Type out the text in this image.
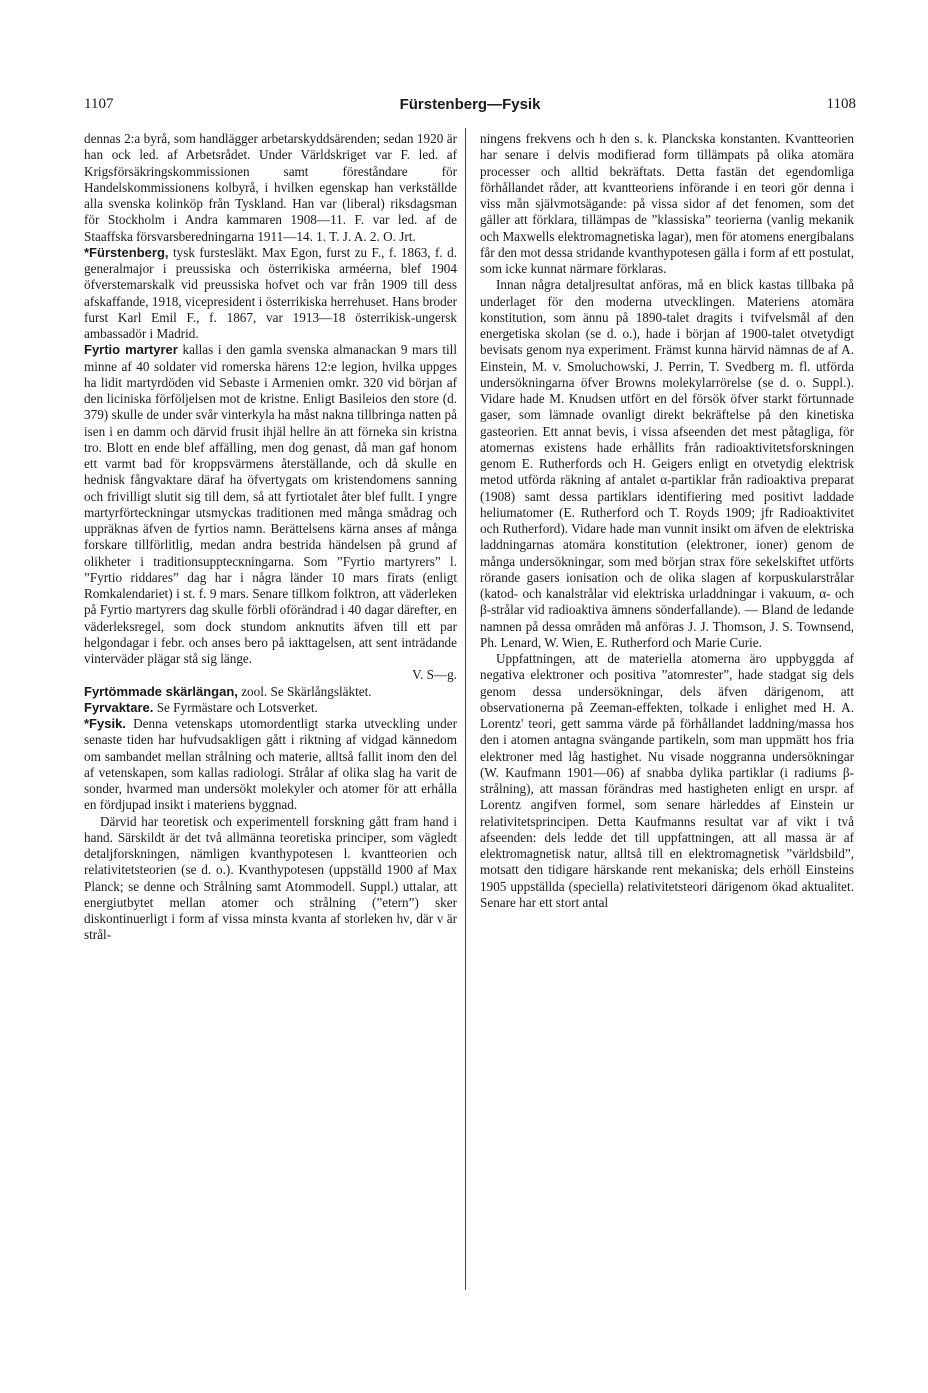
1107	Fürstenberg—Fysik	1108

dennas 2:a byrå, som handlägger arbetarskyddsärenden; sedan 1920 är han ock led. af Arbetsrådet. Under Världskriget var F. led. af Krigsförsäkringskommissionen samt föreståndare för Handelskommissionens kolbyrå, i hvilken egenskap han verkställde alla svenska kolinköp från Tyskland. Han var (liberal) riksdagsman för Stockholm i Andra kammaren 1908—11. F. var led. af de Staaffska försvarsberedningarna 1911—14. 1. T. J. A. 2. O. Jrt.

*Fürstenberg, tysk furstesläkt. Max Egon, furst zu F., f. 1863, f. d. generalmajor i preussiska och österrikiska arméerna, blef 1904 öfverstemarskalk vid preussiska hofvet och var från 1909 till dess afskaffande, 1918, vicepresident i österrikiska herrehuset. Hans broder furst Karl Emil F., f. 1867, var 1913—18 österrikisk-ungersk ambassadör i Madrid.

Fyrtio martyrer kallas i den gamla svenska almanackan 9 mars till minne af 40 soldater vid romerska härens 12:e legion, hvilka uppges ha lidit martyrdöden vid Sebaste i Armenien omkr. 320 vid början af den liciniska förföljelsen mot de kristne. Enligt Basileios den store (d. 379) skulle de under svår vinterkyla ha måst nakna tillbringa natten på isen i en damm och därvid frusit ihjäl hellre än att förneka sin kristna tro. Blott en ende blef affälling, men dog genast, då man gaf honom ett varmt bad för kroppsvärmens återställande, och då skulle en hednisk fångvaktare däraf ha öfvertygats om kristendomens sanning och frivilligt slutit sig till dem, så att fyrtiotalet åter blef fullt. I yngre martyrförteckningar utsmyckas traditionen med många smådrag och uppräknas äfven de fyrtios namn. Berättelsens kärna anses af många forskare tillförlitlig, medan andra bestrida händelsen på grund af olikheter i traditionsupptecкningarna. Som ”Fyrtio martyrers” l. ”Fyrtio riddares” dag har i några länder 10 mars firats (enligt Romkalendariet) i st. f. 9 mars. Senare tillkom folktron, att väderleken på Fyrtio martyrers dag skulle förbli oförändrad i 40 dagar därefter, en väderleksregel, som dock stundom anknutits äfven till ett par helgondagar i febr. och anses bero på iakttagelsen, att sent inträdande vinterväder plägar stå sig länge.
V. S—g.

Fyrtömmade skärlängan, zool. Se Skärlångsläktet.

Fyrvaktare. Se Fyrmästare och Lotsverket.

*Fysik. Denna vetenskaps utomordentligt starka utveckling under senaste tiden har hufvudsakligen gått i riktning af vidgad kännedom om sambandet mellan strålning och materie, alltså fallit inom den del af vetenskapen, som kallas radiologi. Strålar af olika slag ha varit de sonder, hvarmed man undersökt molekyler och atomer för att erhålla en fördjupad insikt i materiens byggnad.

Därvid har teoretisk och experimentell forskning gått fram hand i hand. Särskildt är det två allmänna teoretiska principer, som vägledt detaljforskningen, nämligen kvanthypotesen l. kvantteorien och relativitetsteorien (se d. o.). Kvanthypotesen (uppställd 1900 af Max Planck; se denne och Strålning samt Atommodell. Suppl.) uttalar, att energiutbytet mellan atomer och strålning (”etern”) sker diskontinuerligt i form af vissa minsta kvanta af storleken hν, där ν är strål-

ningens frekvens och h den s. k. Planckska konstanten. Kvantteorien har senare i delvis modifierad form tillämpats på olika atomära processer och alltid bekräftats. Detta fastän det egendomliga förhållandet råder, att kvantteoriens införande i en teori gör denna i viss mån självmotsägande: på vissa sidor af det fenomen, som det gäller att förklara, tillämpas de ”klassiska” teorierna (vanlig mekanik och Maxwells elektromagnetiska lagar), men för atomens energibalans får den mot dessa stridande kvanthypotesen gälla i form af ett postulat, som icke kunnat närmare förklaras.

Innan några detaljresultat anföras, må en blick kastas tillbaka på underlaget för den moderna utvecklingen. Materiens atomära konstitution, som ännu på 1890-talet dragits i tvifvelsmål af den energetiska skolan (se d. o.), hade i början af 1900-talet otvetydigt bevisats genom nya experiment. Främst kunna härvid nämnas de af A. Einstein, M. v. Smoluchowski, J. Perrin, T. Svedberg m. fl. utförda undersökningarna öfver Browns molekylarrörelse (se d. o. Suppl.). Vidare hade M. Knudsen utfört en del försök öfver starkt förtunnade gaser, som lämnade ovanligt direkt bekräftelse på den kinetiska gasteorien. Ett annat bevis, i vissa afseenden det mest påtagliga, för atomernas existens hade erhållits från radioaktivitetsforskningen genom E. Rutherfords och H. Geigers enligt en otvetydig elektrisk metod utförda räkning af antalet α-partiklar från radioaktiva preparat (1908) samt dessa partiklars identifiering med positivt laddade heliumatomer (E. Rutherford och T. Royds 1909; jfr Radioaktivitet och Rutherford). Vidare hade man vunnit insikt om äfven de elektriska laddningarnas atomära konstitution (elektroner, ioner) genom de många undersökningar, som med början strax före sekelskiftet utförts rörande gasers ionisation och de olika slagen af korpuskularstrålar (katod- och kanalstrålar vid elektriska urladdningar i vakuum, α- och β-strålar vid radioaktiva ämnens sönderfallande). — Bland de ledande namnen på dessa områden må anföras J. J. Thomson, J. S. Townsend, Ph. Lenard, W. Wien, E. Rutherford och Marie Curie.

Uppfattningen, att de materiella atomerna äro uppbyggda af negativa elektroner och positiva ”atomrester”, hade stadgat sig dels genom dessa undersökningar, dels äfven därigenom, att observationerna på Zeeman-effekten, tolkade i enlighet med H. A. Lorentz' teori, gett samma värde på förhållandet laddning/massa hos den i atomen antagna svängande partikeln, som man uppmätt hos fria elektroner med låg hastighet. Nu visade noggranna undersökningar (W. Kaufmann 1901—06) af snabba dylika partiklar (i radiums β-strålning), att massan förändras med hastigheten enligt en urspr. af Lorentz angifven formel, som senare härleddes af Einstein ur relativitetsprincipen. Detta Kaufmanns resultat var af vikt i två afseenden: dels ledde det till uppfattningen, att all massa är af elektromagnetisk natur, alltså till en elektromagnetisk ”världsbild”, motsatt den tidigare härskande rent mekaniska; dels erhöll Einsteins 1905 uppställda (speciella) relativitetsteori därigenom ökad aktualitet. Senare har ett stort antal
